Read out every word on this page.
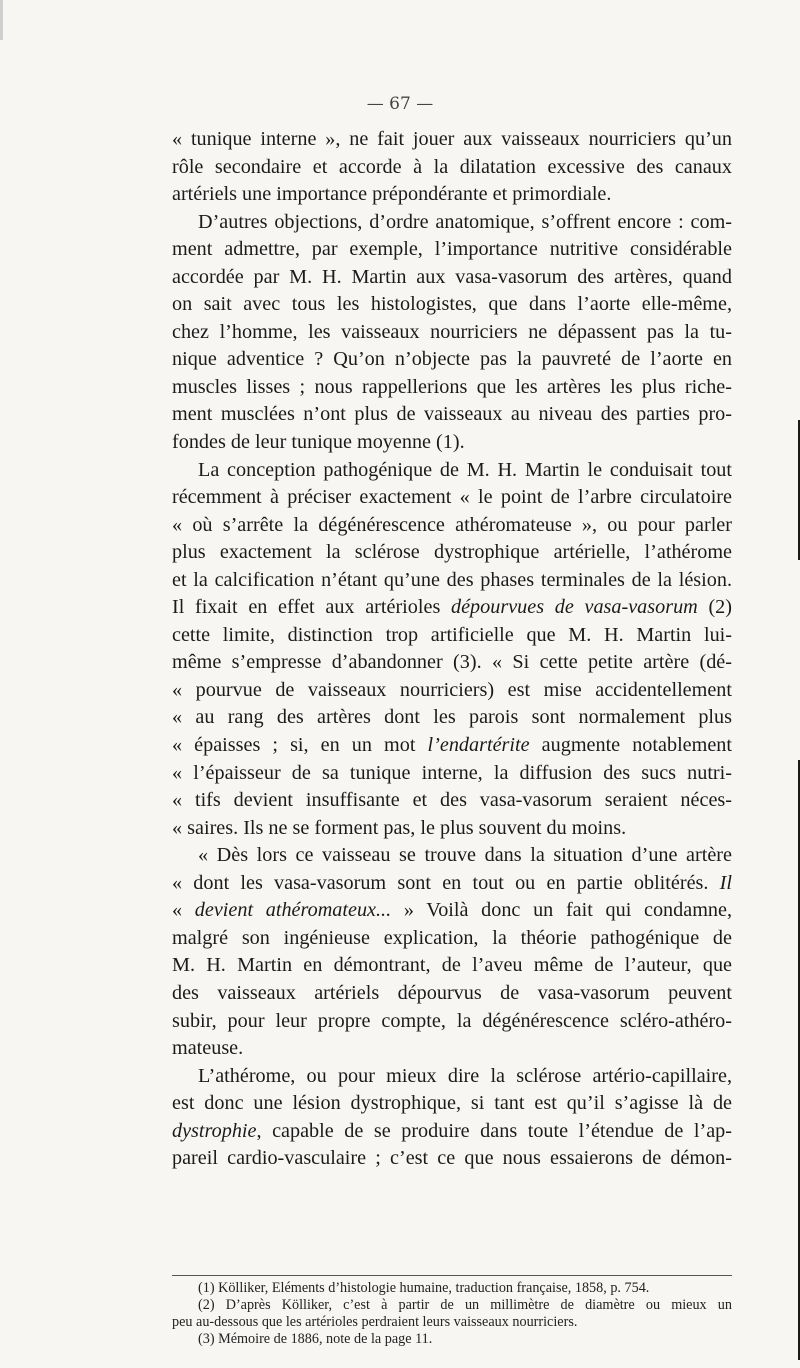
— 67 —
« tunique interne », ne fait jouer aux vaisseaux nourriciers qu’un
rôle secondaire et accorde à la dilatation excessive des canaux
artériels une importance prépondérante et primordiale.
D’autres objections, d’ordre anatomique, s’offrent encore : com-
ment admettre, par exemple, l’importance nutritive considérable
accordée par M. H. Martin aux vasa-vasorum des artères, quand
on sait avec tous les histologistes, que dans l’aorte elle-même,
chez l’homme, les vaisseaux nourriciers ne dépassent pas la tu-
nique adventice ? Qu’on n’objecte pas la pauvreté de l’aorte en
muscles lisses ; nous rappellerions que les artères les plus riche-
ment musclées n’ont plus de vaisseaux au niveau des parties pro-
fondes de leur tunique moyenne (1).
La conception pathogénique de M. H. Martin le conduisait tout
récemment à préciser exactement « le point de l’arbre circulatoire
« où s’arrête la dégénérescence athéromateuse », ou pour parler
plus exactement la sclérose dystrophique artérielle, l’athérome
et la calcification n’étant qu’une des phases terminales de la lésion.
Il fixait en effet aux artérioles dépourvues de vasa-vasorum (2)
cette limite, distinction trop artificielle que M. H. Martin lui-
même s’empresse d’abandonner (3). « Si cette petite artère (dé-
« pourvue de vaisseaux nourriciers) est mise accidentellement
« au rang des artères dont les parois sont normalement plus
« épaisses ; si, en un mot l’endartérite augmente notablement
« l’épaisseur de sa tunique interne, la diffusion des sucs nutri-
« tifs devient insuffisante et des vasa-vasorum seraient néces-
« saires. Ils ne se forment pas, le plus souvent du moins.
« Dès lors ce vaisseau se trouve dans la situation d’une artère
« dont les vasa-vasorum sont en tout ou en partie oblitérés. Il
« devient athéromateux... » Voilà donc un fait qui condamne,
malgré son ingénieuse explication, la théorie pathogénique de
M. H. Martin en démontrant, de l’aveu même de l’auteur, que
des vaisseaux artériels dépourvus de vasa-vasorum peuvent
subir, pour leur propre compte, la dégénérescence scléro-athéro-
mateuse.
L’athérome, ou pour mieux dire la sclérose artério-capillaire,
est donc une lésion dystrophique, si tant est qu’il s’agisse là de
dystrophie, capable de se produire dans toute l’étendue de l’ap-
pareil cardio-vasculaire ; c’est ce que nous essaierons de démon-
(1) Kölliker, Eléments d’histologie humaine, traduction française, 1858, p. 754.
(2) D’après Kölliker, c’est à partir de un millimètre de diamètre ou mieux un
peu au-dessous que les artérioles perdraient leurs vaisseaux nourriciers.
(3) Mémoire de 1886, note de la page 11.
